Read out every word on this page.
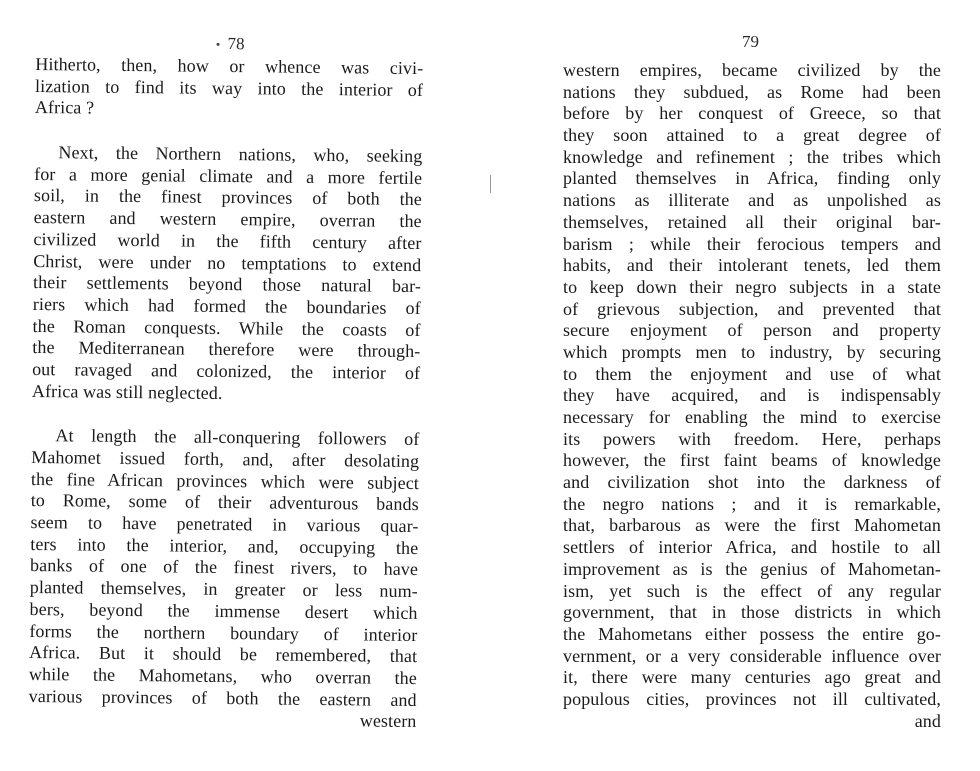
78
Hitherto, then, how or whence was civi-
lization to find its way into the interior of
Africa ?
Next, the Northern nations, who, seeking
for a more genial climate and a more fertile
soil, in the finest provinces of both the
eastern and western empire, overran the
civilized world in the fifth century after
Christ, were under no temptations to extend
their settlements beyond those natural bar-
riers which had formed the boundaries of
the Roman conquests. While the coasts of
the Mediterranean therefore were through-
out ravaged and colonized, the interior of
Africa was still neglected.
At length the all-conquering followers of
Mahomet issued forth, and, after desolating
the fine African provinces which were subject
to Rome, some of their adventurous bands
seem to have penetrated in various quar-
ters into the interior, and, occupying the
banks of one of the finest rivers, to have
planted themselves, in greater or less num-
bers, beyond the immense desert which
forms the northern boundary of interior
Africa. But it should be remembered, that
while the Mahometans, who overran the
various provinces of both the eastern and
western
79
western empires, became civilized by the
nations they subdued, as Rome had been
before by her conquest of Greece, so that
they soon attained to a great degree of
knowledge and refinement ; the tribes which
planted themselves in Africa, finding only
nations as illiterate and as unpolished as
themselves, retained all their original bar-
barism ; while their ferocious tempers and
habits, and their intolerant tenets, led them
to keep down their negro subjects in a state
of grievous subjection, and prevented that
secure enjoyment of person and property
which prompts men to industry, by securing
to them the enjoyment and use of what
they have acquired, and is indispensably
necessary for enabling the mind to exercise
its powers with freedom. Here, perhaps
however, the first faint beams of knowledge
and civilization shot into the darkness of
the negro nations ; and it is remarkable,
that, barbarous as were the first Mahometan
settlers of interior Africa, and hostile to all
improvement as is the genius of Mahometan-
ism, yet such is the effect of any regular
government, that in those districts in which
the Mahometans either possess the entire go-
vernment, or a very considerable influence over
it, there were many centuries ago great and
populous cities, provinces not ill cultivated,
and
